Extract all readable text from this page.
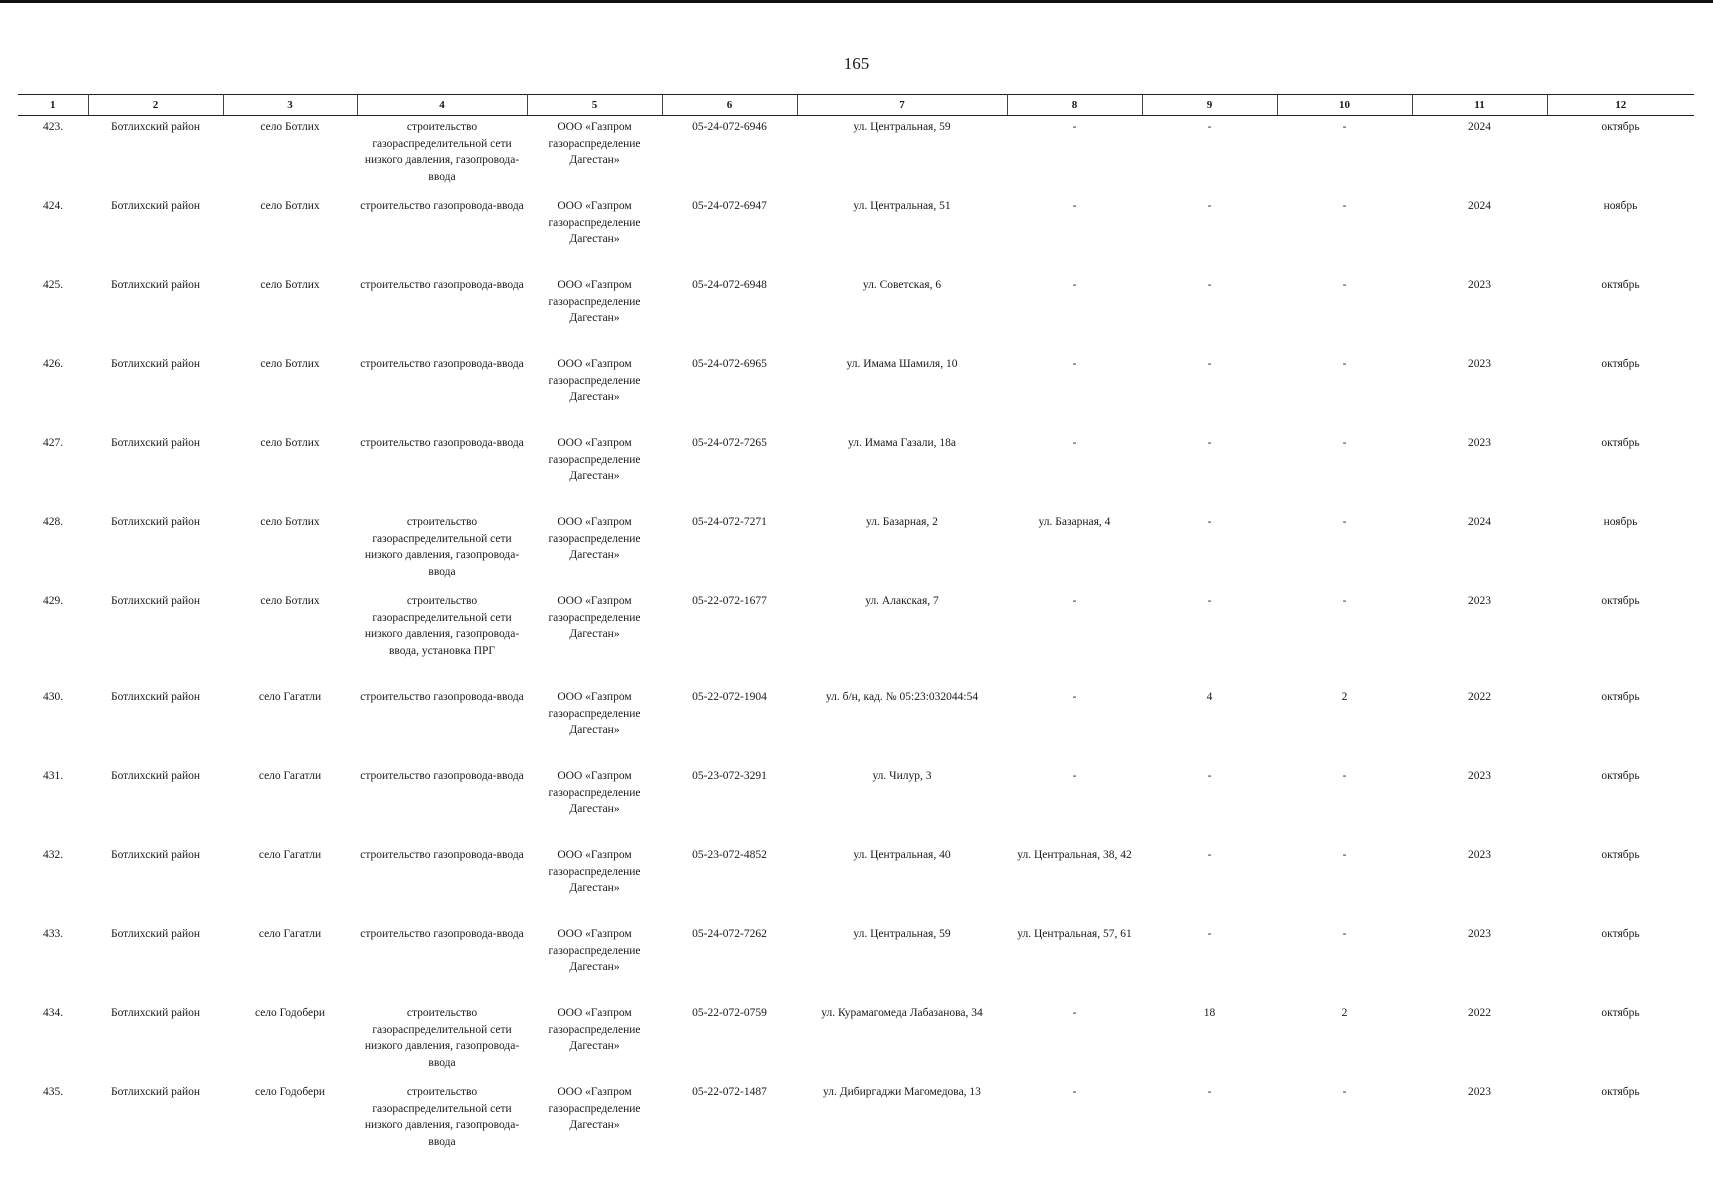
165
1	2	3	4	5	6	7	8	9	10	11	12
423.	Ботлихский район	село Ботлих	строительство газораспределительной сети низкого давления, газопровода-ввода	ООО «Газпром газораспределение Дагестан»	05-24-072-6946	ул. Центральная, 59	-	-	-	2024	октябрь
424.	Ботлихский район	село Ботлих	строительство газопровода-ввода	ООО «Газпром газораспределение Дагестан»	05-24-072-6947	ул. Центральная, 51	-	-	-	2024	ноябрь
425.	Ботлихский район	село Ботлих	строительство газопровода-ввода	ООО «Газпром газораспределение Дагестан»	05-24-072-6948	ул. Советская, 6	-	-	-	2023	октябрь
426.	Ботлихский район	село Ботлих	строительство газопровода-ввода	ООО «Газпром газораспределение Дагестан»	05-24-072-6965	ул. Имама Шамиля, 10	-	-	-	2023	октябрь
427.	Ботлихский район	село Ботлих	строительство газопровода-ввода	ООО «Газпром газораспределение Дагестан»	05-24-072-7265	ул. Имама Газали, 18а	-	-	-	2023	октябрь
428.	Ботлихский район	село Ботлих	строительство газораспределительной сети низкого давления, газопровода-ввода	ООО «Газпром газораспределение Дагестан»	05-24-072-7271	ул. Базарная, 2	ул. Базарная, 4	-	-	2024	ноябрь
429.	Ботлихский район	село Ботлих	строительство газораспределительной сети низкого давления, газопровода-ввода, установка ПРГ	ООО «Газпром газораспределение Дагестан»	05-22-072-1677	ул. Алакская, 7	-	-	-	2023	октябрь
430.	Ботлихский район	село Гагатли	строительство газопровода-ввода	ООО «Газпром газораспределение Дагестан»	05-22-072-1904	ул. б/н, кад. № 05:23:032044:54	-	4	2	2022	октябрь
431.	Ботлихский район	село Гагатли	строительство газопровода-ввода	ООО «Газпром газораспределение Дагестан»	05-23-072-3291	ул. Чилур, 3	-	-	-	2023	октябрь
432.	Ботлихский район	село Гагатли	строительство газопровода-ввода	ООО «Газпром газораспределение Дагестан»	05-23-072-4852	ул. Центральная, 40	ул. Центральная, 38, 42	-	-	2023	октябрь
433.	Ботлихский район	село Гагатли	строительство газопровода-ввода	ООО «Газпром газораспределение Дагестан»	05-24-072-7262	ул. Центральная, 59	ул. Центральная, 57, 61	-	-	2023	октябрь
434.	Ботлихский район	село Годобери	строительство газораспределительной сети низкого давления, газопровода-ввода	ООО «Газпром газораспределение Дагестан»	05-22-072-0759	ул. Курамагомеда Лабазанова, 34	-	18	2	2022	октябрь
435.	Ботлихский район	село Годобери	строительство газораспределительной сети низкого давления, газопровода-ввода	ООО «Газпром газораспределение Дагестан»	05-22-072-1487	ул. Дибиргаджи Магомедова, 13	-	-	-	2023	октябрь
